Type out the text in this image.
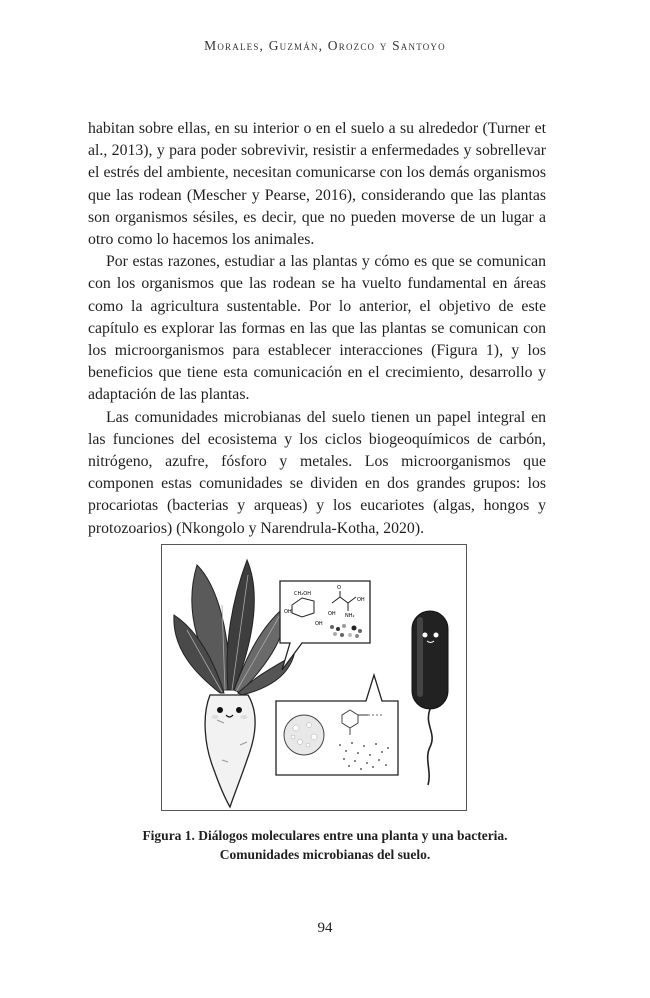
Morales, Guzmán, Orozco y Santoyo

habitan sobre ellas, en su interior o en el suelo a su alrededor (Turner et al., 2013), y para poder sobrevivir, resistir a enfermedades y sobrellevar el estrés del ambiente, necesitan comunicarse con los demás organismos que las rodean (Mescher y Pearse, 2016), considerando que las plantas son organismos sésiles, es decir, que no pueden moverse de un lugar a otro como lo hacemos los animales.

Por estas razones, estudiar a las plantas y cómo es que se comunican con los organismos que las rodean se ha vuelto fundamental en áreas como la agricultura sustentable. Por lo anterior, el objetivo de este capítulo es explorar las formas en las que las plantas se comunican con los microorganismos para establecer interacciones (Figura 1), y los beneficios que tiene esta comunicación en el crecimiento, desarrollo y adaptación de las plantas.

Las comunidades microbianas del suelo tienen un papel integral en las funciones del ecosistema y los ciclos biogeoquímicos de carbón, nitrógeno, azufre, fósforo y metales. Los microorganismos que componen estas comunidades se dividen en dos grandes grupos: los procariotas (bacterias y arqueas) y los eucariotes (algas, hongos y protozoarios) (Nkongolo y Narendrula-Kotha, 2020).

CH₂OH
OH
OH
O
OH
OH NH₂
Figura 1. Diálogos moleculares entre una planta y una bacteria.
Comunidades microbianas del suelo.
94
